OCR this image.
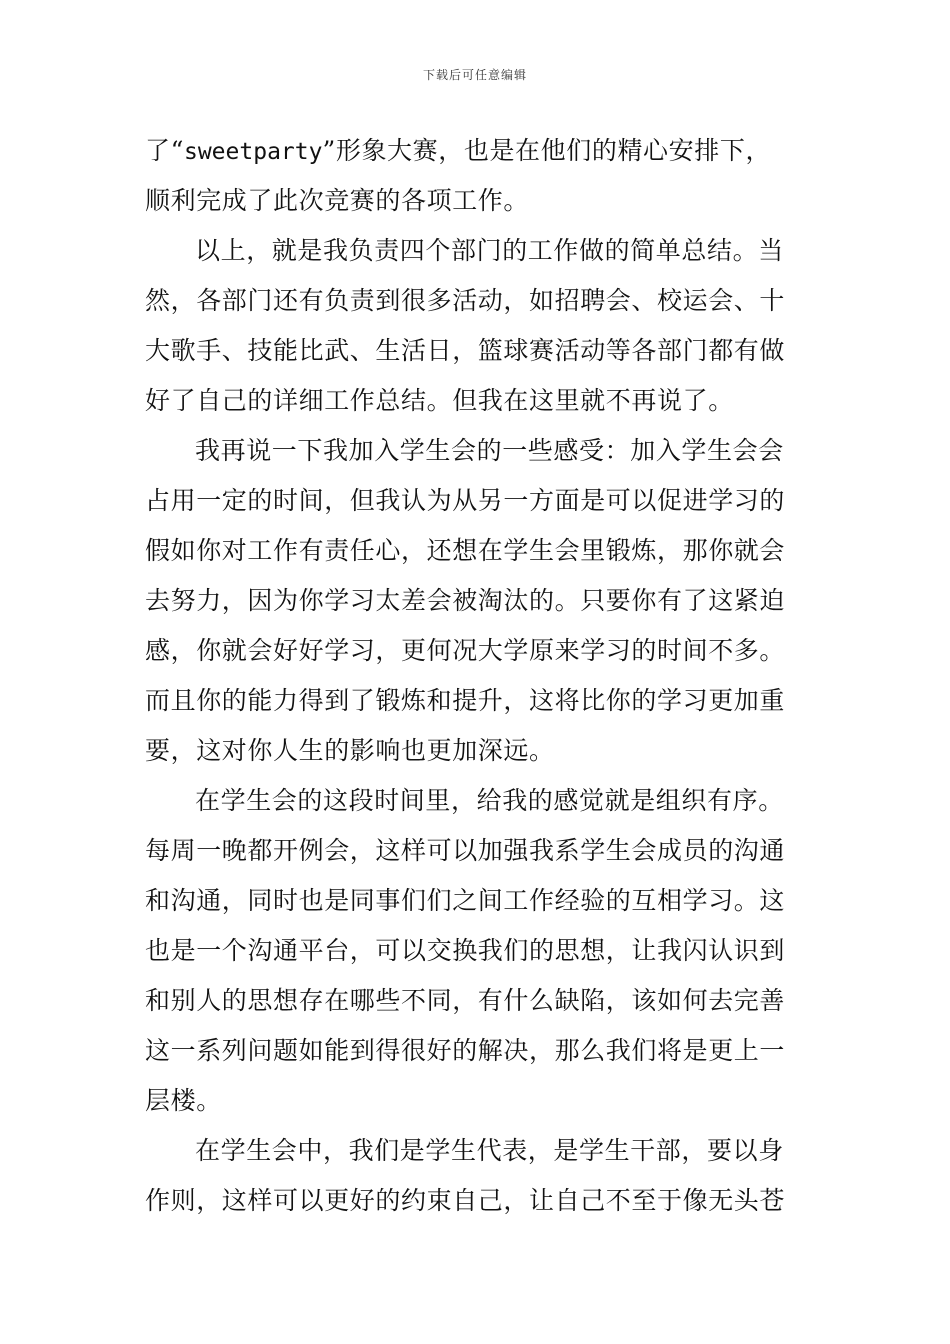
下载后可任意编辑
了“sweetparty”形象大赛，也是在他们的精心安排下，
顺利完成了此次竞赛的各项工作。
以上，就是我负责四个部门的工作做的简单总结。当
然，各部门还有负责到很多活动，如招聘会、校运会、十
大歌手、技能比武、生活日，篮球赛活动等各部门都有做
好了自己的详细工作总结。但我在这里就不再说了。
我再说一下我加入学生会的一些感受：加入学生会会
占用一定的时间，但我认为从另一方面是可以促进学习的
假如你对工作有责任心，还想在学生会里锻炼，那你就会
去努力，因为你学习太差会被淘汰的。只要你有了这紧迫
感，你就会好好学习，更何况大学原来学习的时间不多。
而且你的能力得到了锻炼和提升，这将比你的学习更加重
要，这对你人生的影响也更加深远。
在学生会的这段时间里，给我的感觉就是组织有序。
每周一晚都开例会，这样可以加强我系学生会成员的沟通
和沟通，同时也是同事们们之间工作经验的互相学习。这
也是一个沟通平台，可以交换我们的思想，让我闪认识到
和别人的思想存在哪些不同，有什么缺陷，该如何去完善
这一系列问题如能到得很好的解决，那么我们将是更上一
层楼。
在学生会中，我们是学生代表，是学生干部，要以身
作则，这样可以更好的约束自己，让自己不至于像无头苍
